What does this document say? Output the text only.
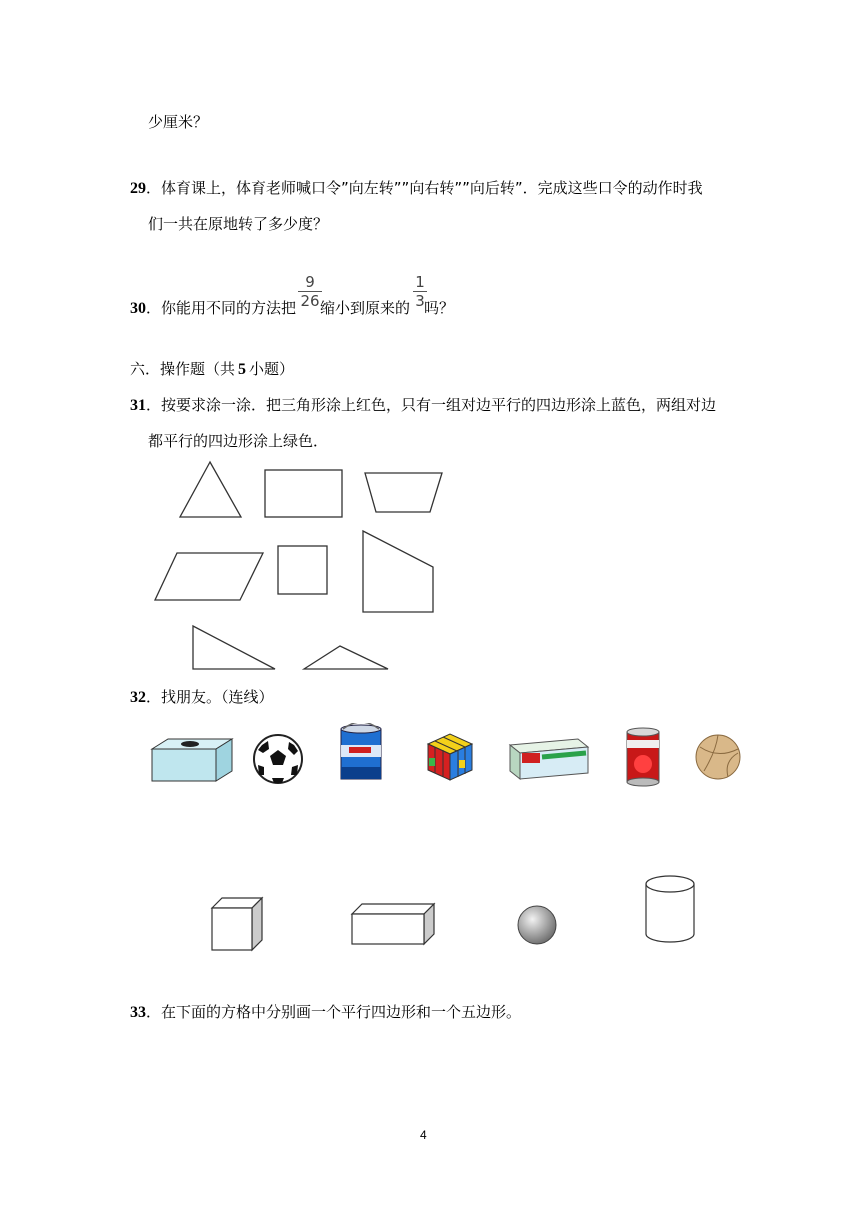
少厘米？
29．体育课上，体育老师喊口令”向左转””向右转””向后转”．完成这些口令的动作时我
们一共在原地转了多少度？
$\frac{9}{26}$	$\frac{1}{3}$
30．你能用不同的方法把 缩小到原来的 吗？
六．操作题（共 5 小题）
31．按要求涂一涂．把三角形涂上红色，只有一组对边平行的四边形涂上蓝色，两组对边
都平行的四边形涂上绿色．
32．找朋友。（连线）
33．在下面的方格中分别画一个平行四边形和一个五边形。
4
